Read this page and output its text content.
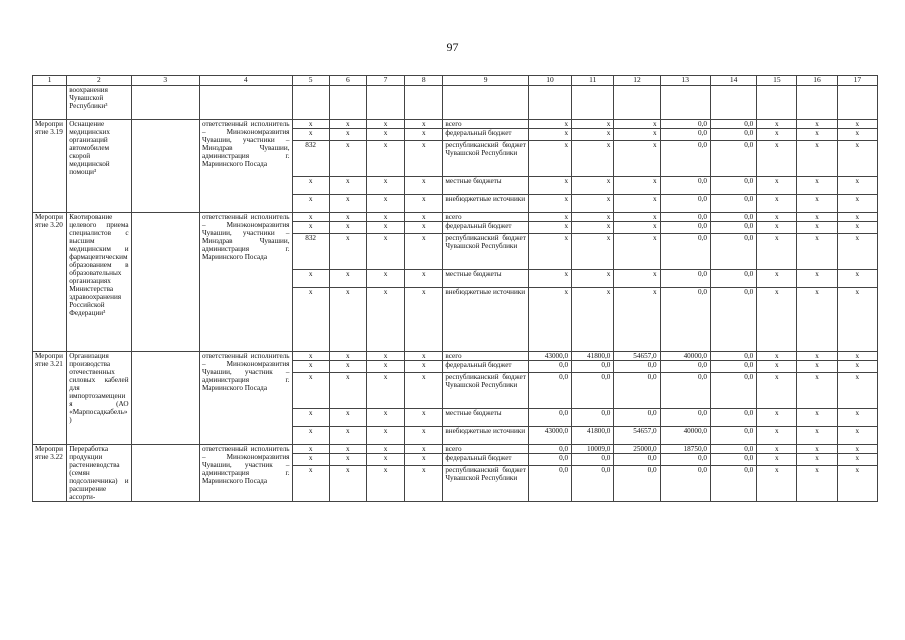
97
1	2	3	4	5	6	7	8	9	10	11	12	13	14	15	16	17
	воохранения Чувашской Республики³															
Мероприятие 3.19	Оснащение медицинских организаций автомобилем скорой медицинской помощи³		ответственный исполнитель – Минэкономразвития Чувашии, участники – Минздрав Чувашии, администрация г. Мариинского Посада	x	x	x	x	всего	x	x	x	0,0	0,0	x	x	x
				x	x	x	x	федеральный бюджет	x	x	x	0,0	0,0	x	x	x
				832	x	x	x	республиканский бюджет Чувашской Республики	x	x	x	0,0	0,0	x	x	x
				x	x	x	x	местные бюджеты	x	x	x	0,0	0,0	x	x	x
				x	x	x	x	внебюджетные источники	x	x	x	0,0	0,0	x	x	x
Мероприятие 3.20	Квотирование целевого приема специалистов с высшим медицинским и фармацевтическим образованием в образовательных организациях Министерства здравоохранения Российской Федерации³		ответственный исполнитель – Минэкономразвития Чувашии, участники – Минздрав Чувашии, администрация г. Мариинского Посада	x	x	x	x	всего	x	x	x	0,0	0,0	x	x	x
				x	x	x	x	федеральный бюджет	x	x	x	0,0	0,0	x	x	x
				832	x	x	x	республиканский бюджет Чувашской Республики	x	x	x	0,0	0,0	x	x	x
				x	x	x	x	местные бюджеты	x	x	x	0,0	0,0	x	x	x
				x	x	x	x	внебюджетные источники	x	x	x	0,0	0,0	x	x	x
Мероприятие 3.21	Организация производства отечественных силовых кабелей для импортозамещения (АО «Марпосадкабель»)		ответственный исполнитель – Минэкономразвития Чувашии, участник – администрация г. Мариинского Посада	x	x	x	x	всего	43000,0	41800,0	54657,0	40000,0	0,0	x	x	x
				x	x	x	x	федеральный бюджет	0,0	0,0	0,0	0,0	0,0	x	x	x
				x	x	x	x	республиканский бюджет Чувашской Республики	0,0	0,0	0,0	0,0	0,0	x	x	x
				x	x	x	x	местные бюджеты	0,0	0,0	0,0	0,0	0,0	x	x	x
				x	x	x	x	внебюджетные источники	43000,0	41800,0	54657,0	40000,0	0,0	x	x	x
Мероприятие 3.22	Переработка продукции растениеводства (семян подсолнечника) и расширение ассорти-		ответственный исполнитель – Минэкономразвития Чувашии, участник – администрация г. Мариинского Посада	x	x	x	x	всего	0,0	10009,0	25000,0	18750,0	0,0	x	x	x
				x	x	x	x	федеральный бюджет	0,0	0,0	0,0	0,0	0,0	x	x	x
				x	x	x	x	республиканский бюджет Чувашской Республики	0,0	0,0	0,0	0,0	0,0	x	x	x
